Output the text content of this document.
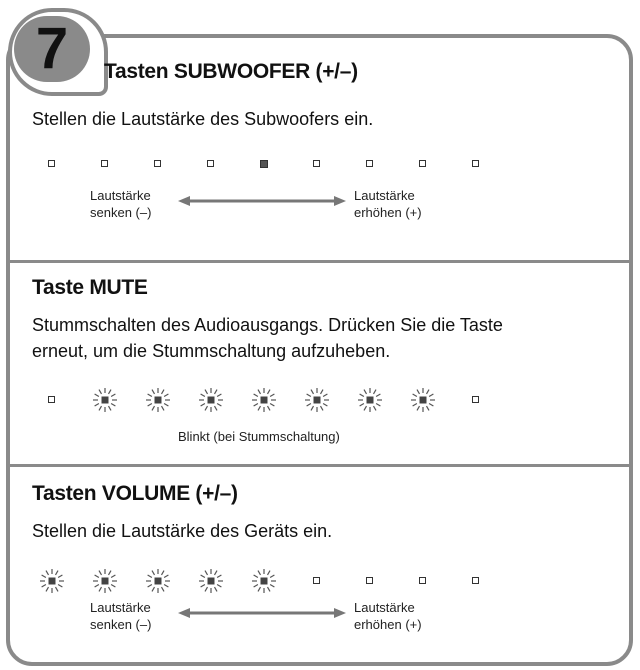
7	Tasten SUBWOOFER (+/–)
Stellen die Lautstärke des Subwoofers ein.
Lautstärke
senken (–)
Lautstärke
erhöhen (+)
Taste MUTE
Stummschalten des Audioausgangs. Drücken Sie die Taste
erneut, um die Stummschaltung aufzuheben.
Blinkt (bei Stummschaltung)
Tasten VOLUME (+/–)
Stellen die Lautstärke des Geräts ein.
Lautstärke
senken (–)
Lautstärke
erhöhen (+)
